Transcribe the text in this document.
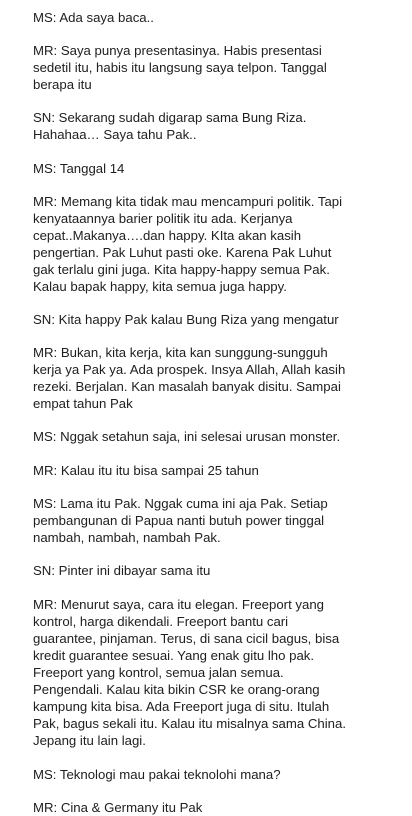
MS: Ada saya baca..

MR: Saya punya presentasinya. Habis presentasi

sedetil itu, habis itu langsung saya telpon. Tanggal

berapa itu

SN: Sekarang sudah digarap sama Bung Riza.

Hahahaa… Saya tahu Pak..

MS: Tanggal 14

MR: Memang kita tidak mau mencampuri politik. Tapi

kenyataannya barier politik itu ada. Kerjanya

cepat..Makanya….dan happy. KIta akan kasih

pengertian. Pak Luhut pasti oke. Karena Pak Luhut

gak terlalu gini juga. Kita happy-happy semua Pak.

Kalau bapak happy, kita semua juga happy.

SN: Kita happy Pak kalau Bung Riza yang mengatur

MR: Bukan, kita kerja, kita kan sunggung-sungguh

kerja ya Pak ya. Ada prospek. Insya Allah, Allah kasih

rezeki. Berjalan. Kan masalah banyak disitu. Sampai

empat tahun Pak

MS: Nggak setahun saja, ini selesai urusan monster.

MR: Kalau itu itu bisa sampai 25 tahun

MS: Lama itu Pak. Nggak cuma ini aja Pak. Setiap

pembangunan di Papua nanti butuh power tinggal

nambah, nambah, nambah Pak.

SN: Pinter ini dibayar sama itu

MR: Menurut saya, cara itu elegan. Freeport yang

kontrol, harga dikendali. Freeport bantu cari

guarantee, pinjaman. Terus, di sana cicil bagus, bisa

kredit guarantee sesuai. Yang enak gitu lho pak.

Freeport yang kontrol, semua jalan semua.

Pengendali. Kalau kita bikin CSR ke orang-orang

kampung kita bisa. Ada Freeport juga di situ. Itulah

Pak, bagus sekali itu. Kalau itu misalnya sama China.

Jepang itu lain lagi.

MS: Teknologi mau pakai teknolohi mana?

MR: Cina & Germany itu Pak
